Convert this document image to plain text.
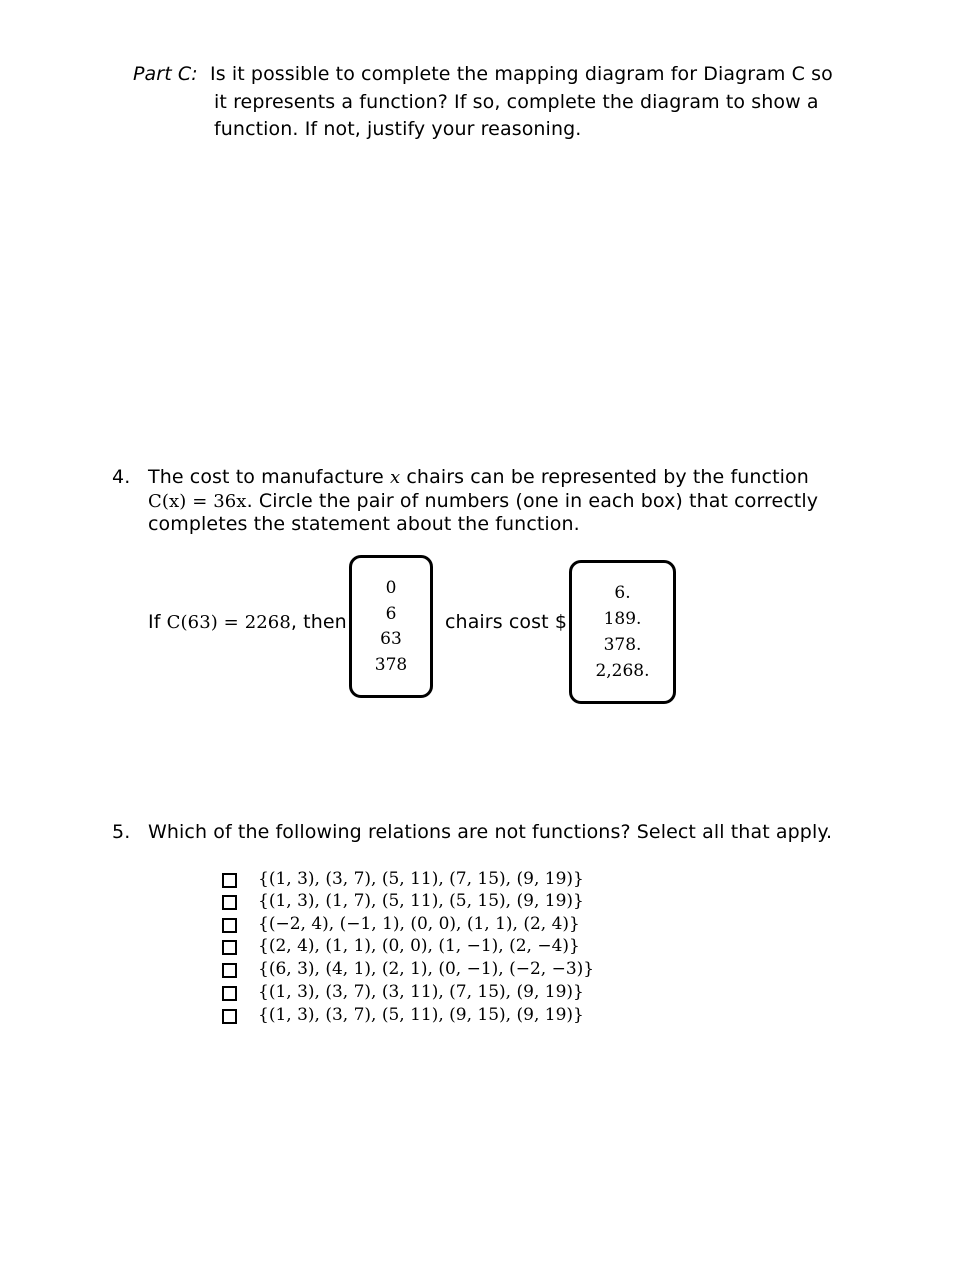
Part C: Is it possible to complete the mapping diagram for Diagram C so
it represents a function? If so, complete the diagram to show a
function. If not, justify your reasoning.
4. The cost to manufacture x chairs can be represented by the function
C(x) = 36x. Circle the pair of numbers (one in each box) that correctly
completes the statement about the function.
If C(63) = 2268, then
0
6
63
378
chairs cost $
6.
189.
378.
2,268.
5. Which of the following relations are not functions? Select all that apply.
{(1, 3), (3, 7), (5, 11), (7, 15), (9, 19)}
{(1, 3), (1, 7), (5, 11), (5, 15), (9, 19)}
{(−2, 4), (−1, 1), (0, 0), (1, 1), (2, 4)}
{(2, 4), (1, 1), (0, 0), (1, −1), (2, −4)}
{(6, 3), (4, 1), (2, 1), (0, −1), (−2, −3)}
{(1, 3), (3, 7), (3, 11), (7, 15), (9, 19)}
{(1, 3), (3, 7), (5, 11), (9, 15), (9, 19)}
